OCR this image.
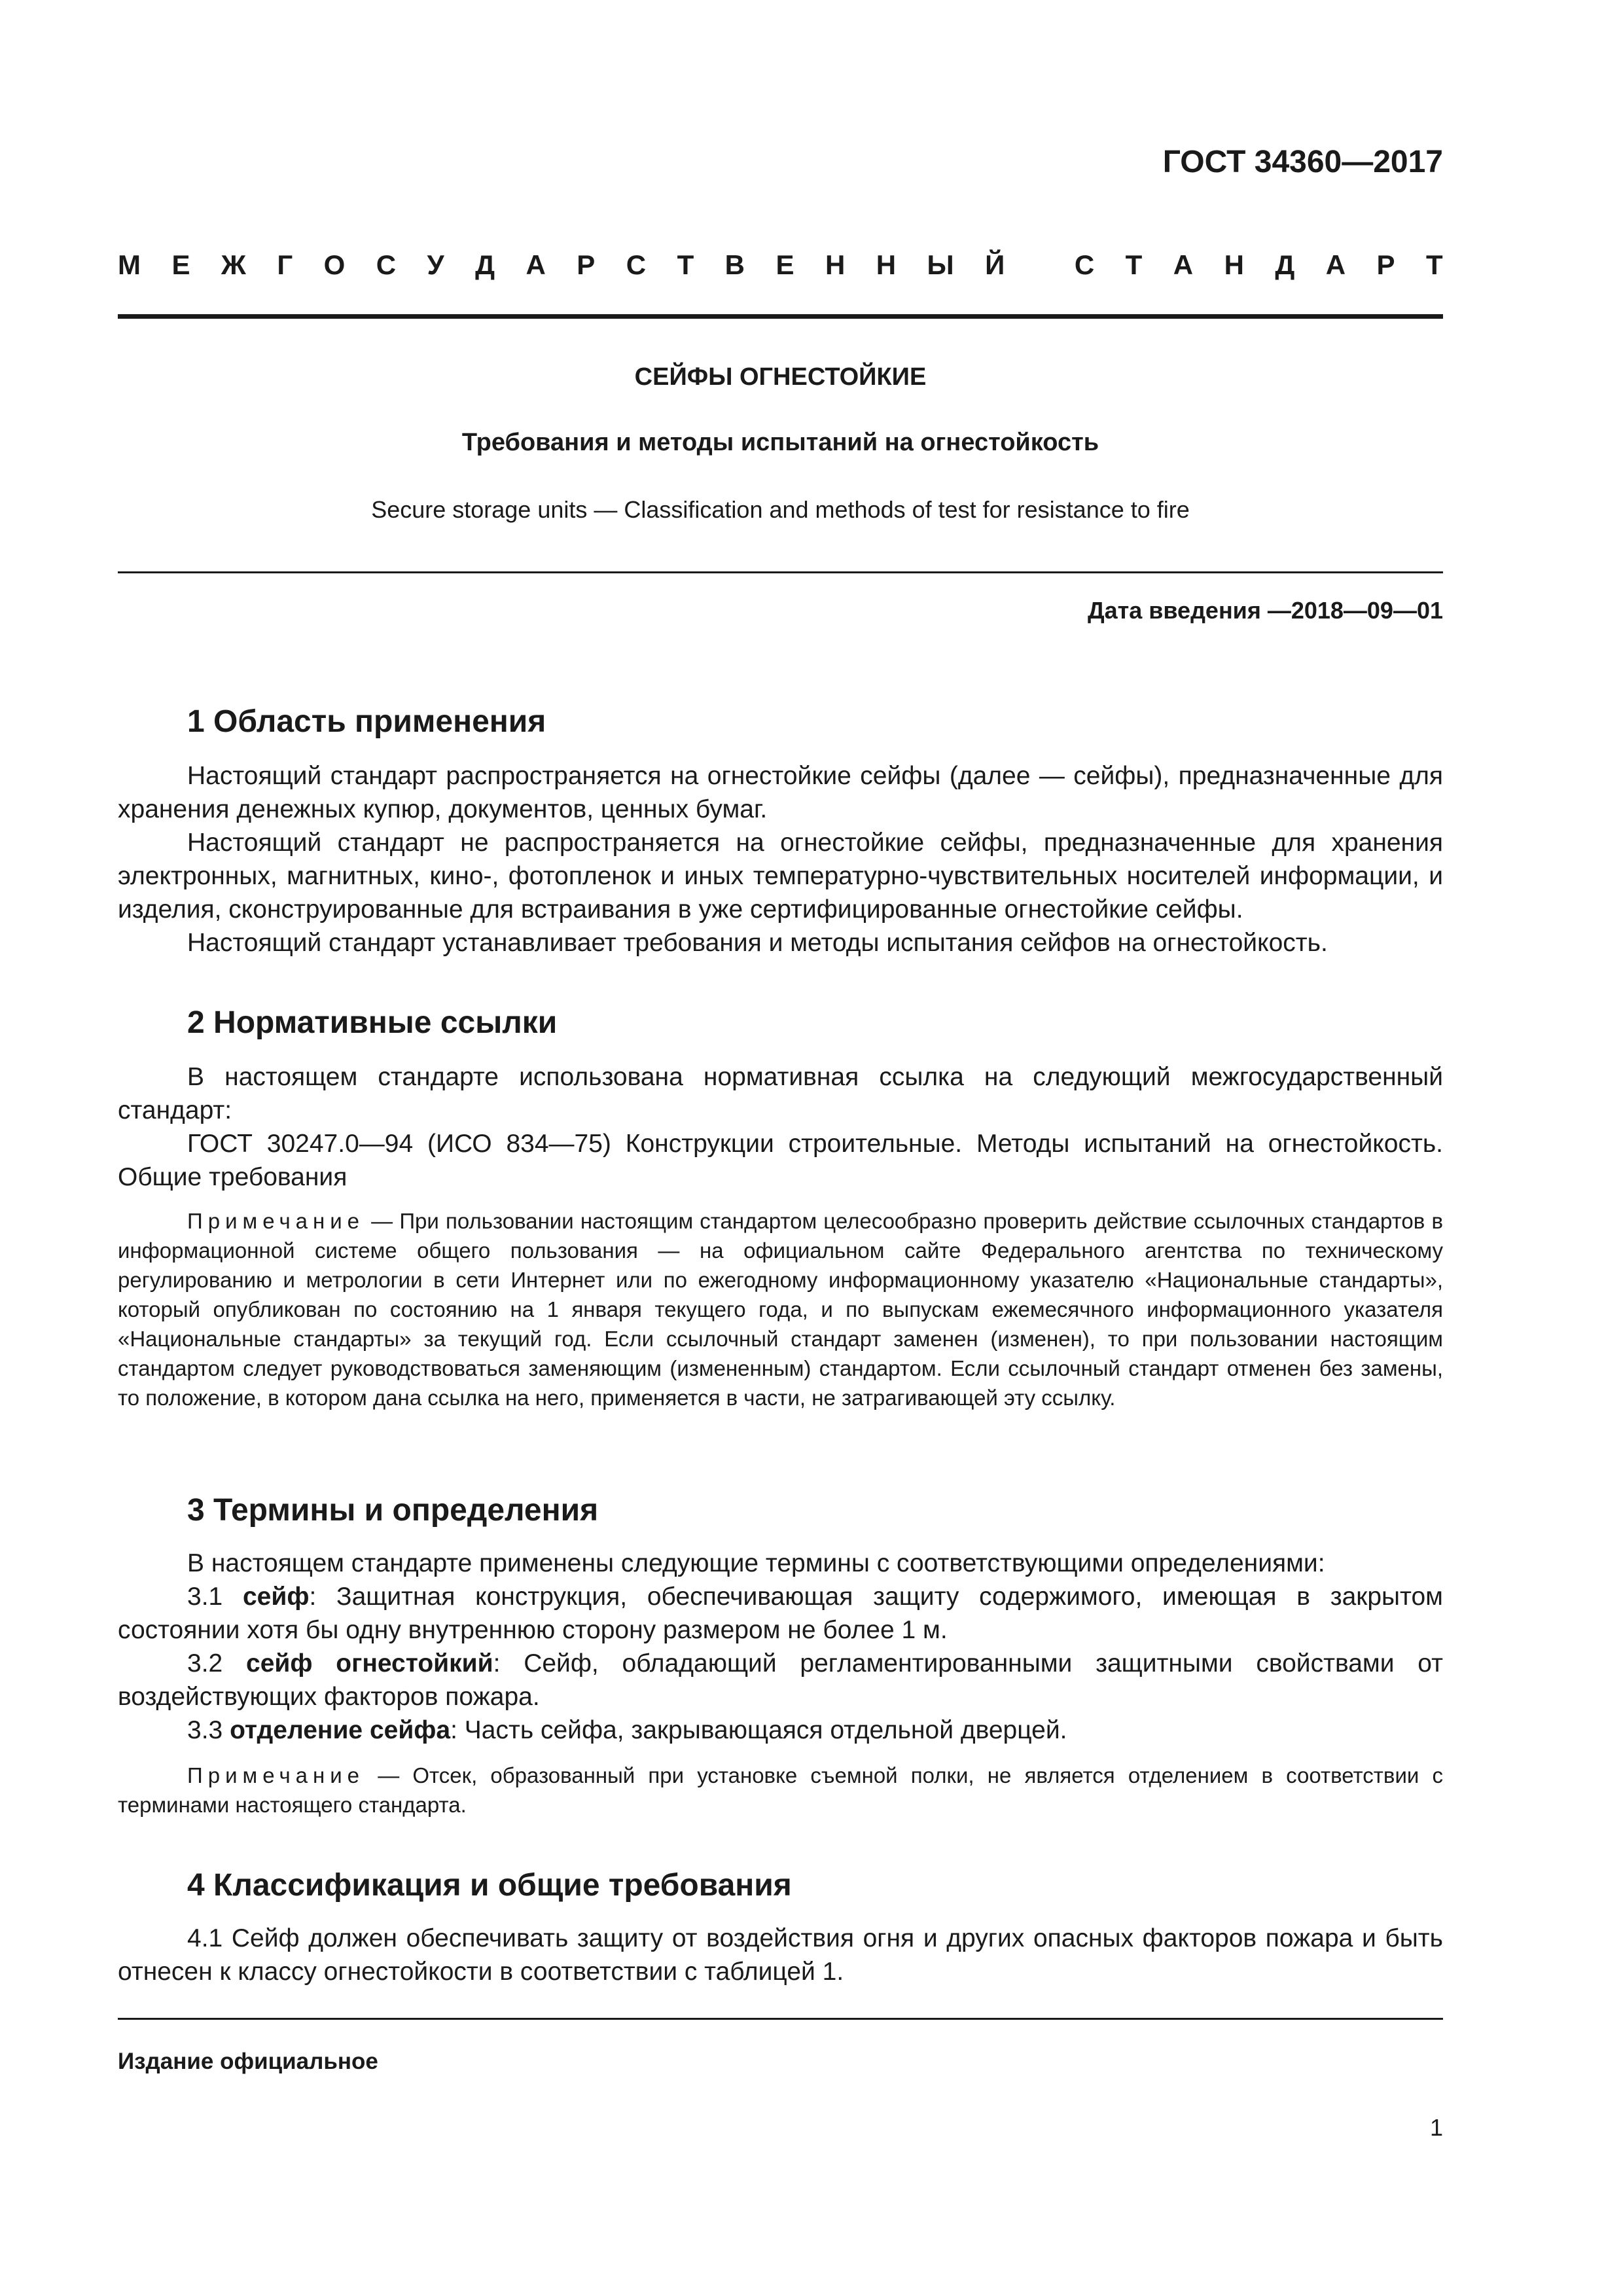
ГОСТ 34360—2017

М Е Ж Г О С У Д А Р С Т В Е Н Н Ы Й
	С Т А Н Д А Р Т

СЕЙФЫ ОГНЕСТОЙКИЕ

Требования и методы испытаний на огнестойкость

Secure storage units — Classification and methods of test for resistance to fire

Дата введения —2018—09—01

1 Область применения

Настоящий стандарт распространяется на огнестойкие сейфы (далее — сейфы), предназначенные для хранения денежных купюр, документов, ценных бумаг.

Настоящий стандарт не распространяется на огнестойкие сейфы, предназначенные для хранения электронных, магнитных, кино-, фотопленок и иных температурно-чувствительных носителей информации, и изделия, сконструированные для встраивания в уже сертифицированные огнестойкие сейфы.

Настоящий стандарт устанавливает требования и методы испытания сейфов на огнестойкость.

2 Нормативные ссылки

В настоящем стандарте использована нормативная ссылка на следующий межгосударственный стандарт:

ГОСТ 30247.0—94 (ИСО 834—75) Конструкции строительные. Методы испытаний на огнестойкость. Общие требования

Примечание — При пользовании настоящим стандартом целесообразно проверить действие ссылочных стандартов в информационной системе общего пользования — на официальном сайте Федерального агентства по техническому регулированию и метрологии в сети Интернет или по ежегодному информационному указателю «Национальные стандарты», который опубликован по состоянию на 1 января текущего года, и по выпускам ежемесячного информационного указателя «Национальные стандарты» за текущий год. Если ссылочный стандарт заменен (изменен), то при пользовании настоящим стандартом следует руководствоваться заменяющим (измененным) стандартом. Если ссылочный стандарт отменен без замены, то положение, в котором дана ссылка на него, применяется в части, не затрагивающей эту ссылку.

3 Термины и определения

В настоящем стандарте применены следующие термины с соответствующими определениями:

3.1 сейф: Защитная конструкция, обеспечивающая защиту содержимого, имеющая в закрытом состоянии хотя бы одну внутреннюю сторону размером не более 1 м.

3.2 сейф огнестойкий: Сейф, обладающий регламентированными защитными свойствами от воздействующих факторов пожара.

3.3 отделение сейфа: Часть сейфа, закрывающаяся отдельной дверцей.

Примечание — Отсек, образованный при установке съемной полки, не является отделением в соответствии с терминами настоящего стандарта.

4 Классификация и общие требования

4.1 Сейф должен обеспечивать защиту от воздействия огня и других опасных факторов пожара и быть отнесен к классу огнестойкости в соответствии с таблицей 1.

Издание официальное

1
